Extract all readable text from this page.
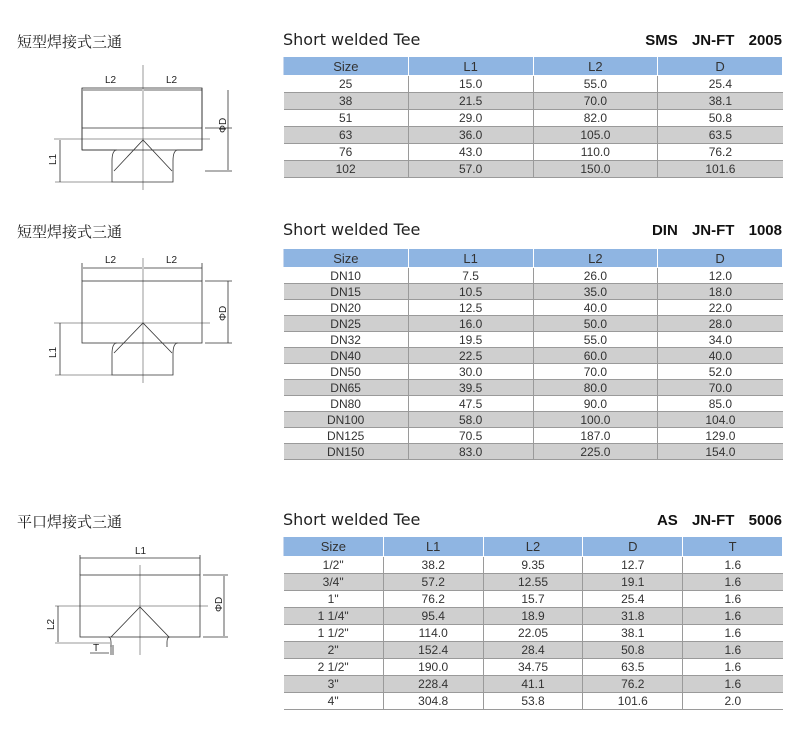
短型焊接式三通	Short welded Tee	SMS JN-FT 2005
L2	L2
L1
ΦD
Size	L1	L2	D
25	15.0	55.0	25.4
38	21.5	70.0	38.1
51	29.0	82.0	50.8
63	36.0	105.0	63.5
76	43.0	110.0	76.2
102	57.0	150.0	101.6
短型焊接式三通	Short welded Tee	DIN JN-FT 1008
L2	L2
L1
ΦD
Size	L1	L2	D
DN10	7.5	26.0	12.0
DN15	10.5	35.0	18.0
DN20	12.5	40.0	22.0
DN25	16.0	50.0	28.0
DN32	19.5	55.0	34.0
DN40	22.5	60.0	40.0
DN50	30.0	70.0	52.0
DN65	39.5	80.0	70.0
DN80	47.5	90.0	85.0
DN100	58.0	100.0	104.0
DN125	70.5	187.0	129.0
DN150	83.0	225.0	154.0
平口焊接式三通	Short welded Tee	AS JN-FT 5006
L1
L2
ΦD
T
Size	L1	L2	D	T
1/2"	38.2	9.35	12.7	1.6
3/4"	57.2	12.55	19.1	1.6
1"	76.2	15.7	25.4	1.6
1 1/4"	95.4	18.9	31.8	1.6
1 1/2"	114.0	22.05	38.1	1.6
2"	152.4	28.4	50.8	1.6
2 1/2"	190.0	34.75	63.5	1.6
3"	228.4	41.1	76.2	1.6
4"	304.8	53.8	101.6	2.0
